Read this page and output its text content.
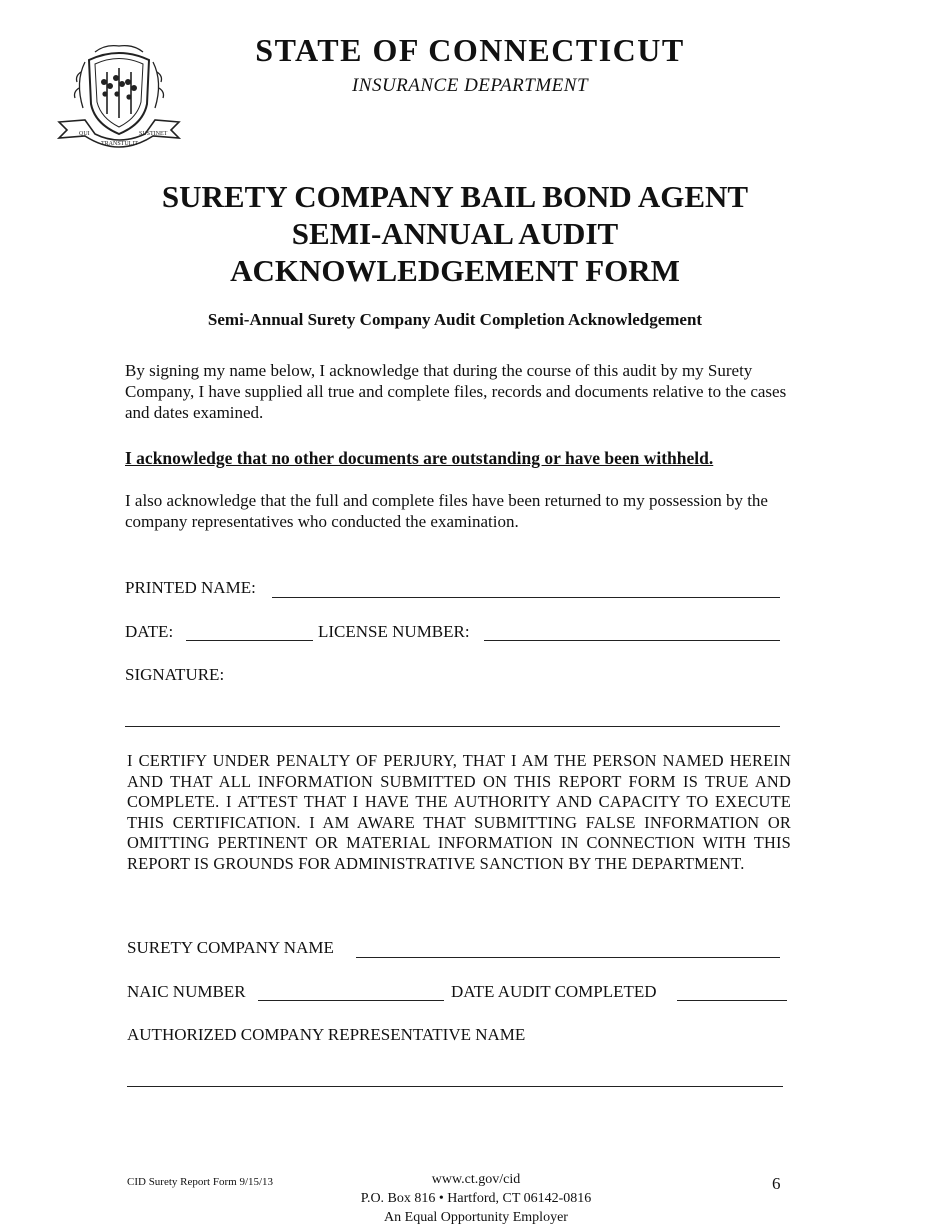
QUI
TRANSTULIT
SUSTINET
STATE OF CONNECTICUT
INSURANCE DEPARTMENT
SURETY COMPANY BAIL BOND AGENT
SEMI-ANNUAL AUDIT
ACKNOWLEDGEMENT FORM
Semi-Annual Surety Company Audit Completion Acknowledgement
By signing my name below, I acknowledge that during the course of this audit by my Surety Company, I have supplied all true and complete files, records and documents relative to the cases and dates examined.
I acknowledge that no other documents are outstanding or have been withheld.
I also acknowledge that the full and complete files have been returned to my possession by the company representatives who conducted the examination.
PRINTED NAME:
DATE:	LICENSE NUMBER:
SIGNATURE:
I CERTIFY UNDER PENALTY OF PERJURY, THAT I AM THE PERSON NAMED HEREIN AND THAT ALL INFORMATION SUBMITTED ON THIS REPORT FORM IS TRUE AND COMPLETE. I ATTEST THAT I HAVE THE AUTHORITY AND CAPACITY TO EXECUTE THIS CERTIFICATION. I AM AWARE THAT SUBMITTING FALSE INFORMATION OR OMITTING PERTINENT OR MATERIAL INFORMATION IN CONNECTION WITH THIS REPORT IS GROUNDS FOR ADMINISTRATIVE SANCTION BY THE DEPARTMENT.
SURETY COMPANY NAME
NAIC NUMBER	DATE AUDIT COMPLETED
AUTHORIZED COMPANY REPRESENTATIVE NAME
CID Surety Report Form 9/15/13	www.ct.gov/cid
P.O. Box 816 • Hartford, CT 06142-0816
An Equal Opportunity Employer
6
